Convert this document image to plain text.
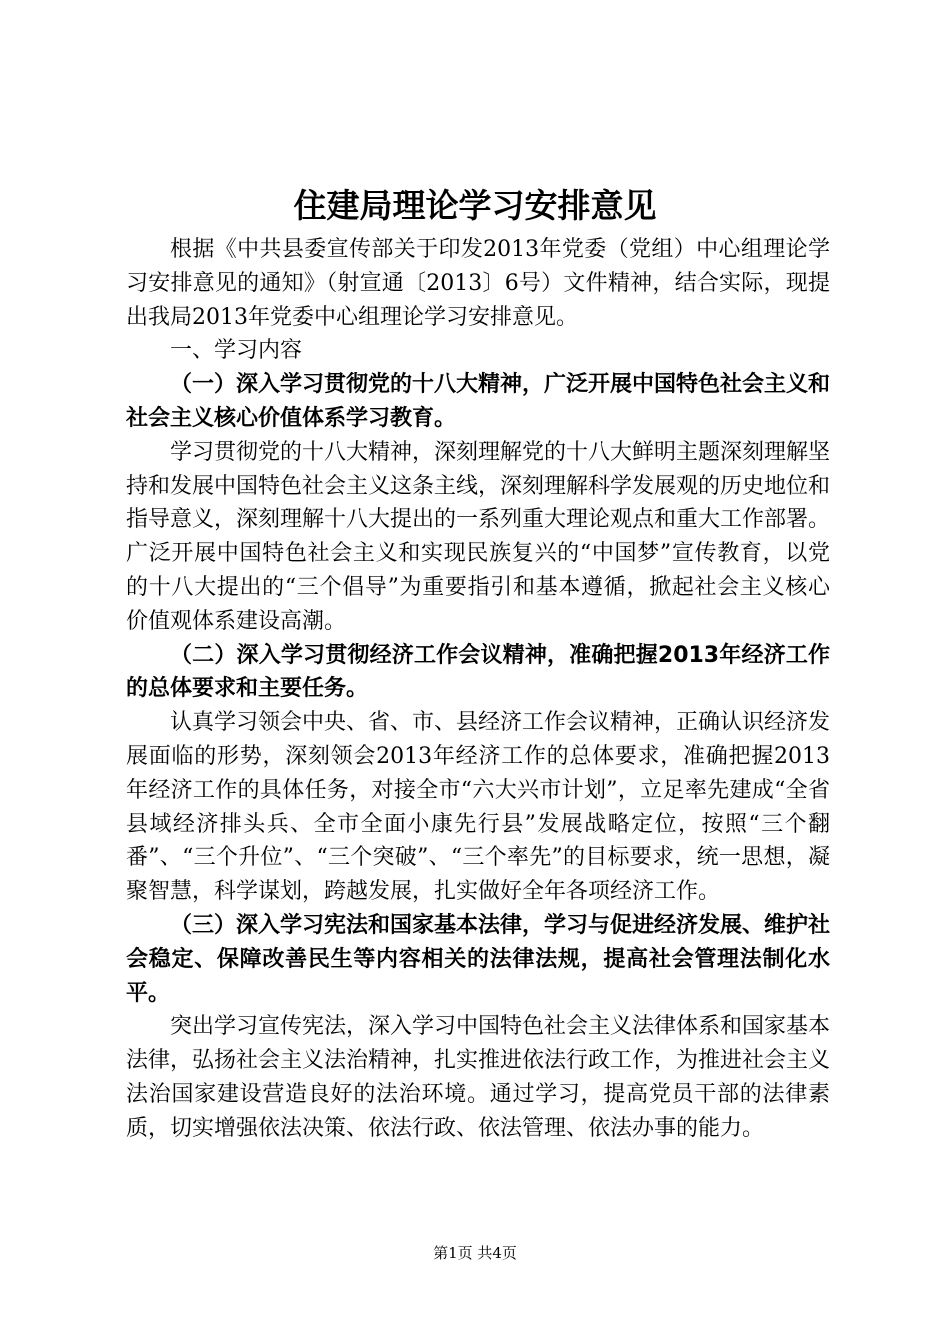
住建局理论学习安排意见

根据《中共县委宣传部关于印发2013年党委（党组）中心组理论学习安排意见的通知》（射宣通〔2013〕6号）文件精神，结合实际，现提出我局2013年党委中心组理论学习安排意见。

一、学习内容

（一）深入学习贯彻党的十八大精神，广泛开展中国特色社会主义和社会主义核心价值体系学习教育。

学习贯彻党的十八大精神，深刻理解党的十八大鲜明主题深刻理解坚持和发展中国特色社会主义这条主线，深刻理解科学发展观的历史地位和指导意义，深刻理解十八大提出的一系列重大理论观点和重大工作部署。广泛开展中国特色社会主义和实现民族复兴的“中国梦”宣传教育，以党的十八大提出的“三个倡导”为重要指引和基本遵循，掀起社会主义核心价值观体系建设高潮。

（二）深入学习贯彻经济工作会议精神，准确把握2013年经济工作的总体要求和主要任务。

认真学习领会中央、省、市、县经济工作会议精神，正确认识经济发展面临的形势，深刻领会2013年经济工作的总体要求，准确把握2013年经济工作的具体任务，对接全市“六大兴市计划”，立足率先建成“全省县域经济排头兵、全市全面小康先行县”发展战略定位，按照“三个翻番”、“三个升位”、“三个突破”、“三个率先”的目标要求，统一思想，凝聚智慧，科学谋划，跨越发展，扎实做好全年各项经济工作。

（三）深入学习宪法和国家基本法律，学习与促进经济发展、维护社会稳定、保障改善民生等内容相关的法律法规，提高社会管理法制化水平。

突出学习宣传宪法，深入学习中国特色社会主义法律体系和国家基本法律，弘扬社会主义法治精神，扎实推进依法行政工作，为推进社会主义法治国家建设营造良好的法治环境。通过学习，提高党员干部的法律素质，切实增强依法决策、依法行政、依法管理、依法办事的能力。

第1页 共4页
